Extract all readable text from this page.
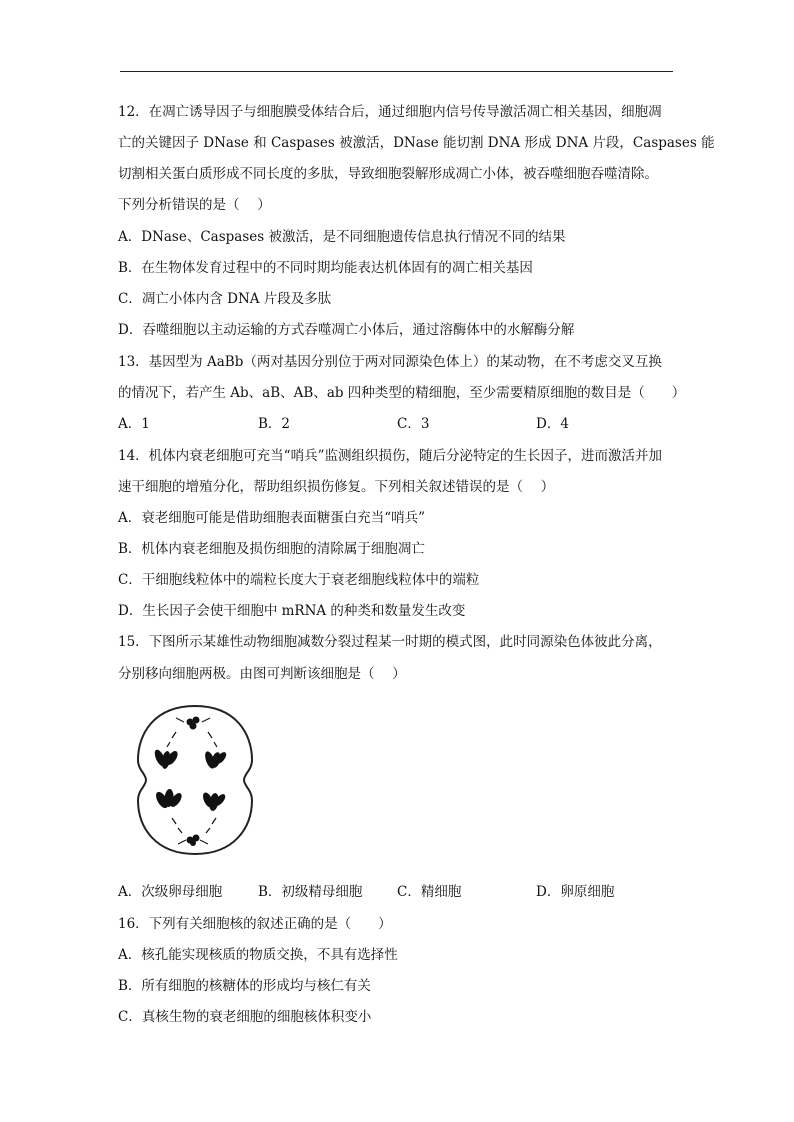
12．在凋亡诱导因子与细胞膜受体结合后，通过细胞内信号传导激活凋亡相关基因，细胞凋
亡的关键因子 DNase 和 Caspases 被激活，DNase 能切割 DNA 形成 DNA 片段，Caspases 能
切割相关蛋白质形成不同长度的多肽，导致细胞裂解形成凋亡小体，被吞噬细胞吞噬清除。
下列分析错误的是（　 ）
A．DNase、Caspases 被激活，是不同细胞遗传信息执行情况不同的结果
B．在生物体发育过程中的不同时期均能表达机体固有的凋亡相关基因
C．凋亡小体内含 DNA 片段及多肽
D．吞噬细胞以主动运输的方式吞噬凋亡小体后，通过溶酶体中的水解酶分解
13．基因型为 AaBb（两对基因分别位于两对同源染色体上）的某动物，在不考虑交叉互换
的情况下，若产生 Ab、aB、AB、ab 四种类型的精细胞，至少需要精原细胞的数目是（　　）
A．1	B．2	C．3	D．4
14．机体内衰老细胞可充当“哨兵”监测组织损伤，随后分泌特定的生长因子，进而激活并加
速干细胞的增殖分化，帮助组织损伤修复。下列相关叙述错误的是（　 ）
A．衰老细胞可能是借助细胞表面糖蛋白充当“哨兵”
B．机体内衰老细胞及损伤细胞的清除属于细胞凋亡
C．干细胞线粒体中的端粒长度大于衰老细胞线粒体中的端粒
D．生长因子会使干细胞中 mRNA 的种类和数量发生改变
15．下图所示某雄性动物细胞减数分裂过程某一时期的模式图，此时同源染色体彼此分离，
分别移向细胞两极。由图可判断该细胞是（　 ）
A．次级卵母细胞	B．初级精母细胞	C．精细胞	D．卵原细胞
16．下列有关细胞核的叙述正确的是（　　）
A．核孔能实现核质的物质交换，不具有选择性
B．所有细胞的核糖体的形成均与核仁有关
C．真核生物的衰老细胞的细胞核体积变小
